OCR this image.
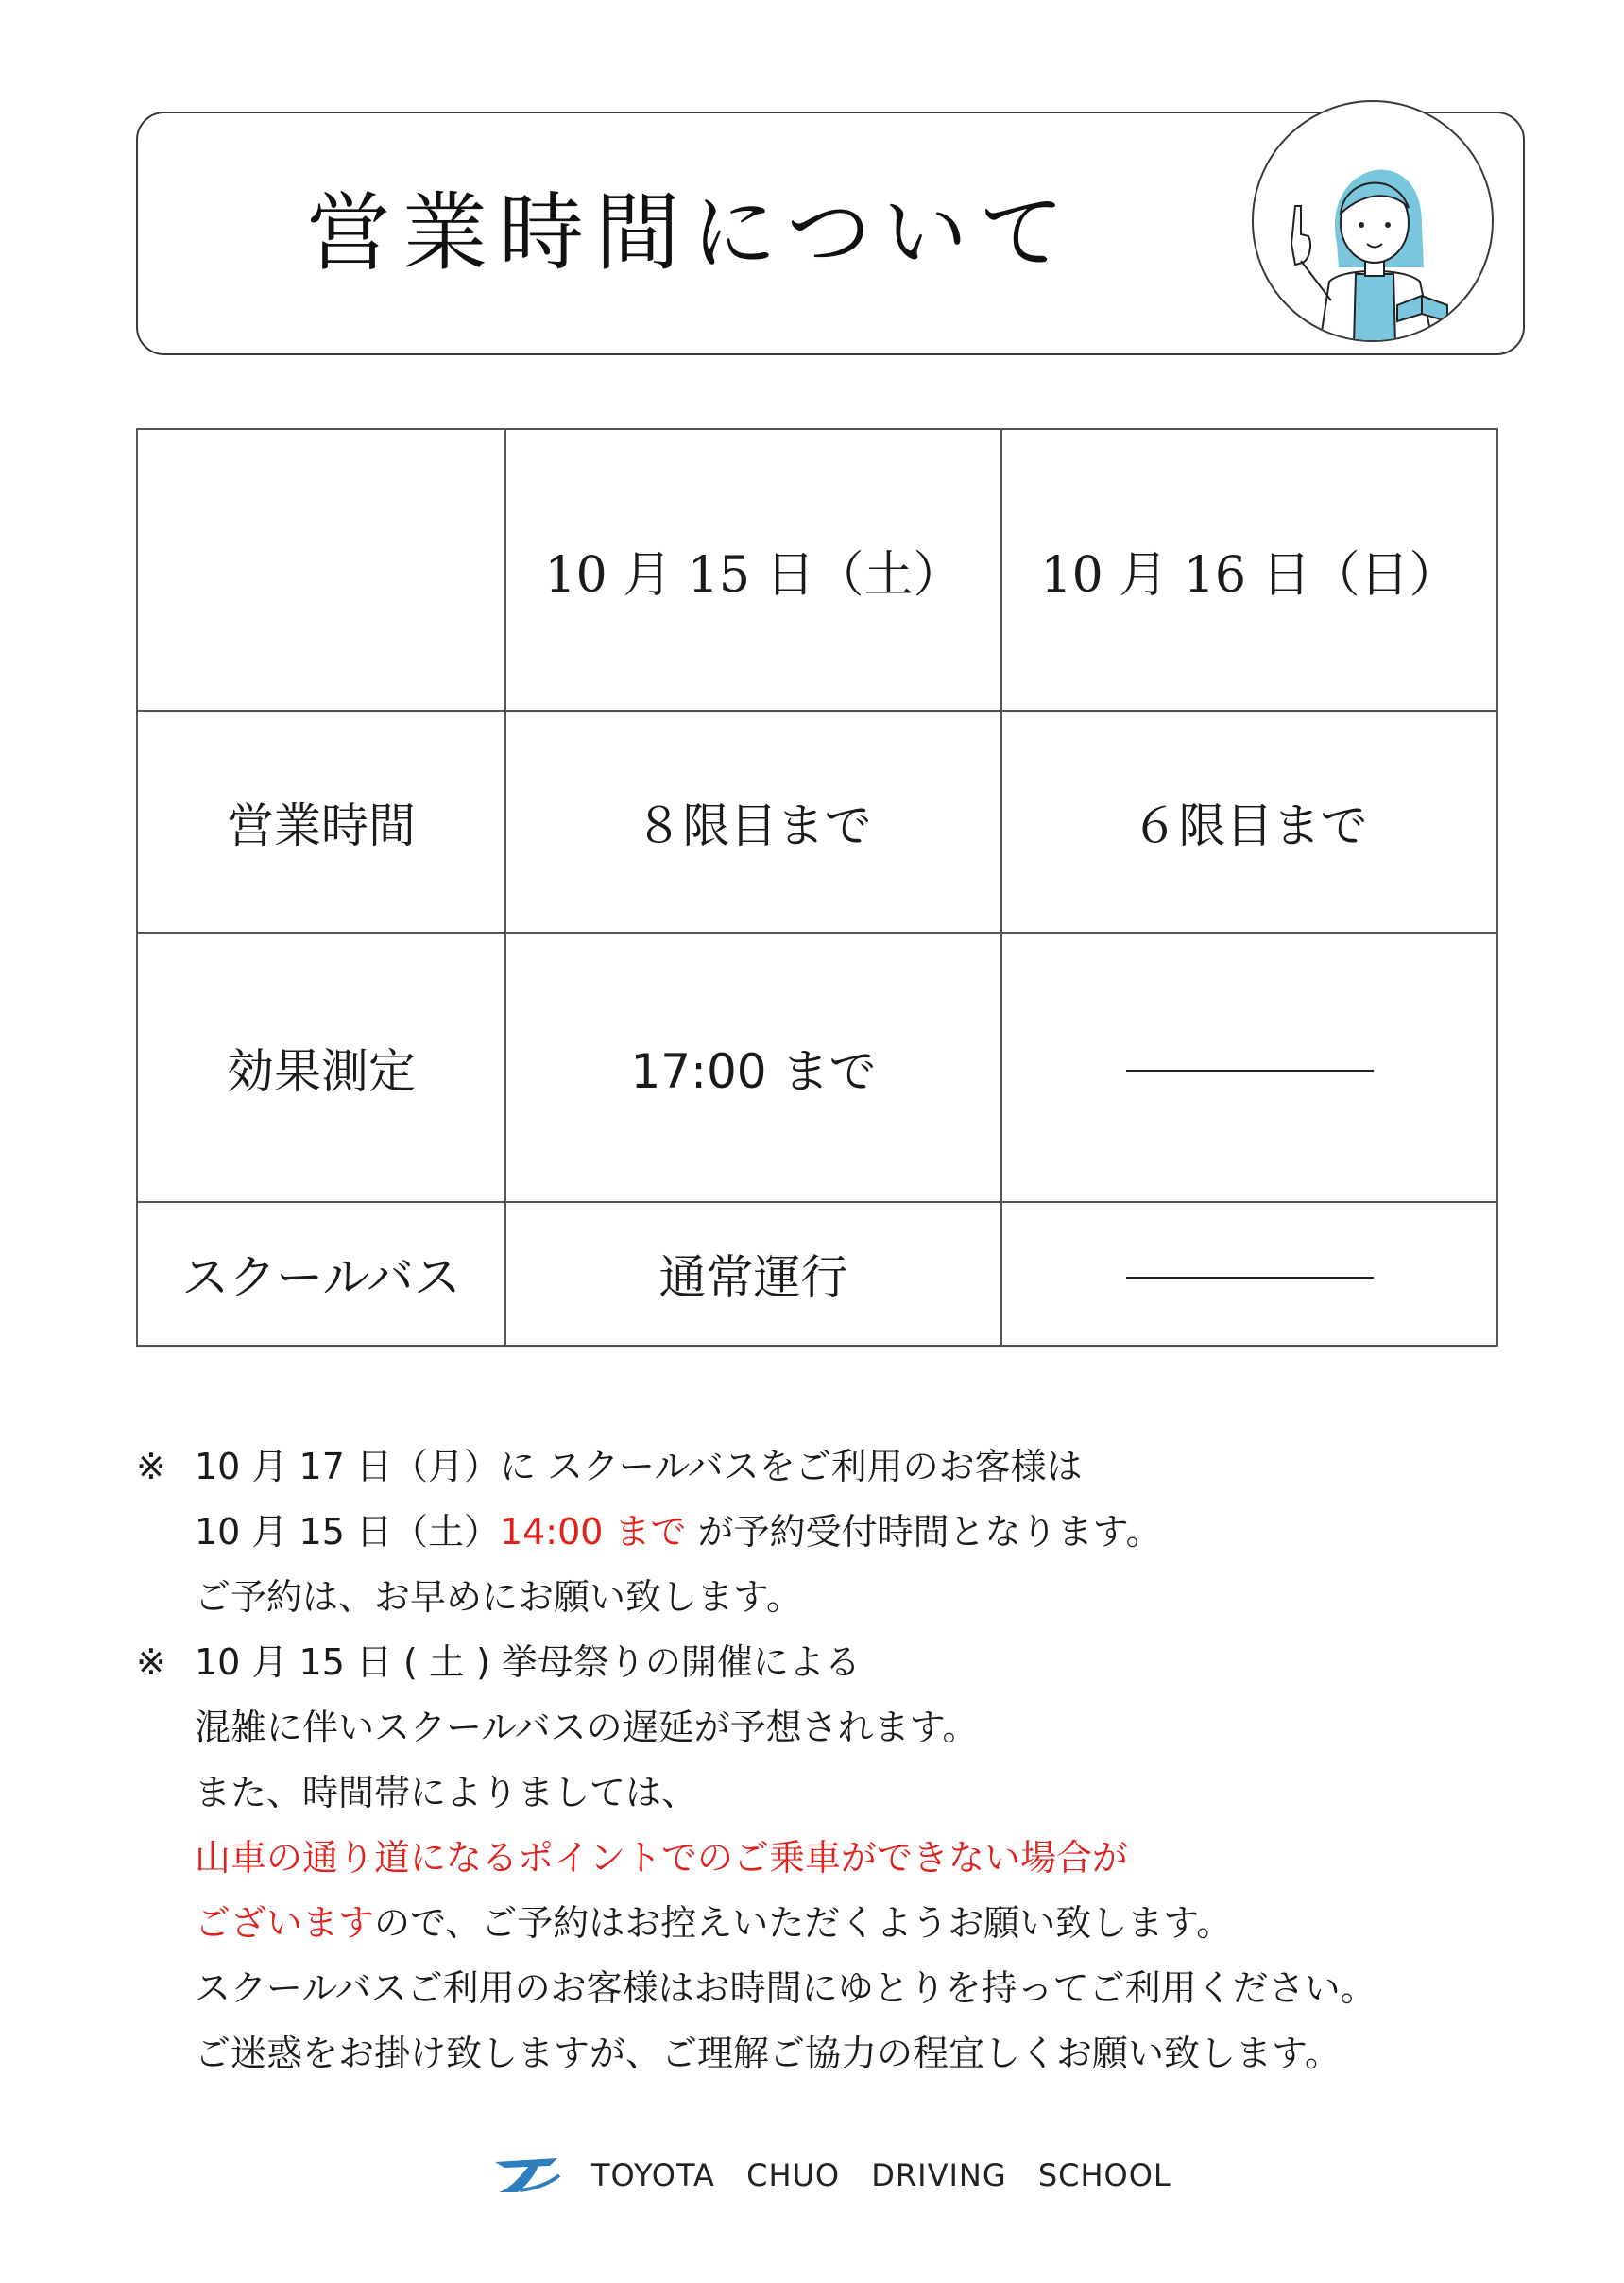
営業時間について
	10 月 15 日（土）	10 月 16 日（日）
営業時間	８限目まで	６限目まで
効果測定	17:00 まで	
スクールバス	通常運行	
※ 10 月 17 日（月）に スクールバスをご利用のお客様は
10 月 15 日（土）14:00 まで が予約受付時間となります。
ご予約は、お早めにお願い致します。
※ 10 月 15 日 ( 土 ) 挙母祭りの開催による
混雑に伴いスクールバスの遅延が予想されます。
また、時間帯によりましては、
山車の通り道になるポイントでのご乗車ができない場合が
ございますので、ご予約はお控えいただくようお願い致します。
スクールバスご利用のお客様はお時間にゆとりを持ってご利用ください。
ご迷惑をお掛け致しますが、ご理解ご協力の程宜しくお願い致します。
TOYOTA CHUO DRIVING SCHOOL
